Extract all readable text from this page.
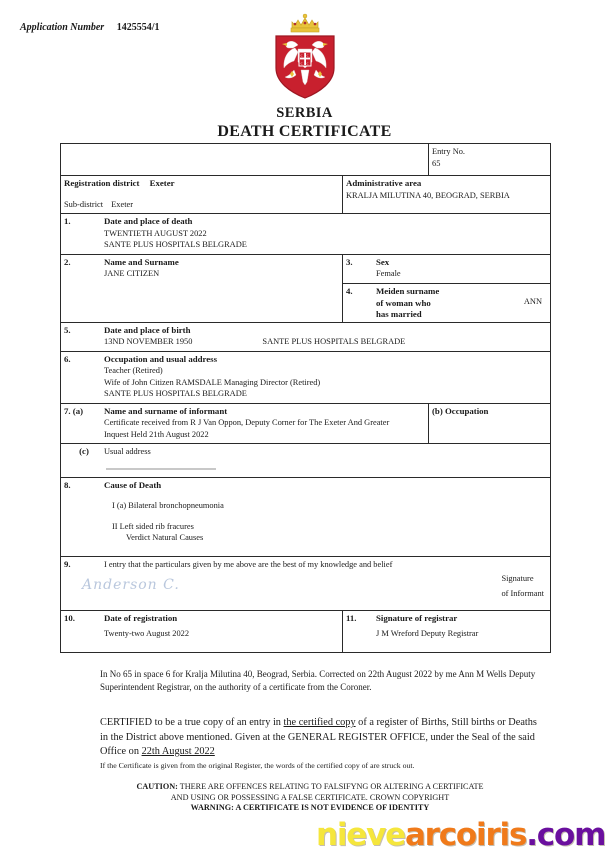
Application Number 1425554/1
C C
C C
SERBIA
DEATH CERTIFICATE

		Entry No.
65

Registration district Exeter
Sub-district Exeter

Administrative area
KRALJA MILUTINA 40, BEOGRAD, SERBIA

1. Date and place of death
TWENTIETH AUGUST 2022
SANTE PLUS HOSPITALS BELGRADE		

2.	Name and Surname
JANE CITIZEN

3.	Sex
Female

	4. Meiden surname
of woman who
has married
ANN	

5. Date and place of birth
13ND NOVEMBER 1950 SANTE PLUS HOSPITALS BELGRADE		

6. Occupation and usual address
Teacher (Retired)
Wife of John Citizen RAMSDALE Managing Director (Retired)
SANTE PLUS HOSPITALS BELGRADE		

7. (a) Name and surname of informant
Certificate received from R J Van Oppon, Deputy Corner for The Exeter And Greater
Inquest Held 21th August 2022		(b) Occupation

(c) Usual address		

8. Cause of Death
I (a) Bilateral bronchopneumonia
II Left sided rib fracures
Verdict Natural Causes		

9. I entry that the particulars given by me above are the best of my knowledge and belief
Anderson C. Signature
of Informant		

10.	Date of registration
Twenty-two August 2022

11.	Signature of registrar
J M Wreford Deputy Registrar

In No 65 in space 6 for Kralja Milutina 40, Beograd, Serbia. Corrected on 22th August 2022 by me Ann M Wells Deputy Superintendent Registrar, on the authority of a certificate from the Coroner.

CERTIFIED to be a true copy of an entry in the certified copy of a register of Births, Still births or Deaths in the District above mentioned. Given at the GENERAL REGISTER OFFICE, under the Seal of the said Office on 22th August 2022

If the Certificate is given from the original Register, the words of the certified copy of are struck out.

CAUTION: THERE ARE OFFENCES RELATING TO FALSIFYNG OR ALTERING A CERTIFICATE
AND USING OR POSSESSING A FALSE CERTIFICATE. CROWN COPYRIGHT
WARNING: A CERTIFICATE IS NOT EVIDENCE OF IDENTITY
nievearcoiris.com
